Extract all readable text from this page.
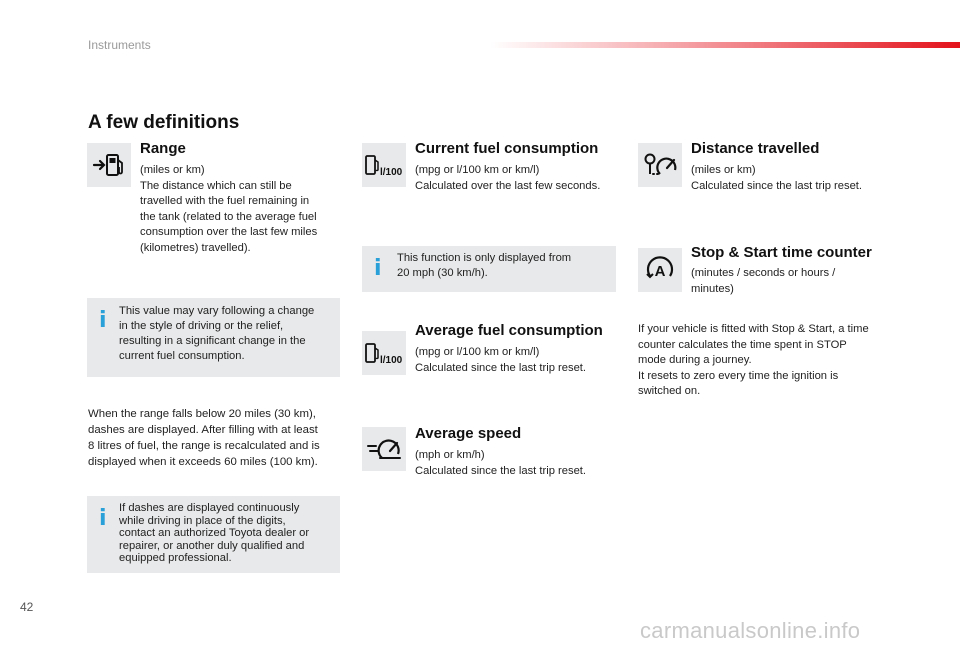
Instruments
A few definitions
Range
(miles or km)
The distance which can still be
travelled with the fuel remaining in
the tank (related to the average fuel
consumption over the last few miles
(kilometres) travelled).
i This value may vary following a change
in the style of driving or the relief,
resulting in a significant change in the
current fuel consumption.
When the range falls below 20 miles (30 km),
dashes are displayed. After filling with at least
8 litres of fuel, the range is recalculated and is
displayed when it exceeds 60 miles (100 km).
i If dashes are displayed continuously
while driving in place of the digits,
contact an authorized Toyota dealer or
repairer, or another duly qualified and
equipped professional.
l/100
Current fuel consumption
(mpg or l/100 km or km/l)
Calculated over the last few seconds.
i This function is only displayed from
20 mph (30 km/h).
l/100
Average fuel consumption
(mpg or l/100 km or km/l)
Calculated since the last trip reset.
Average speed
(mph or km/h)
Calculated since the last trip reset.
Distance travelled
(miles or km)
Calculated since the last trip reset.
A
Stop & Start time counter
(minutes / seconds or hours /
minutes)
If your vehicle is fitted with Stop & Start, a time
counter calculates the time spent in STOP
mode during a journey.
It resets to zero every time the ignition is
switched on.
42
carmanualsonline.info
